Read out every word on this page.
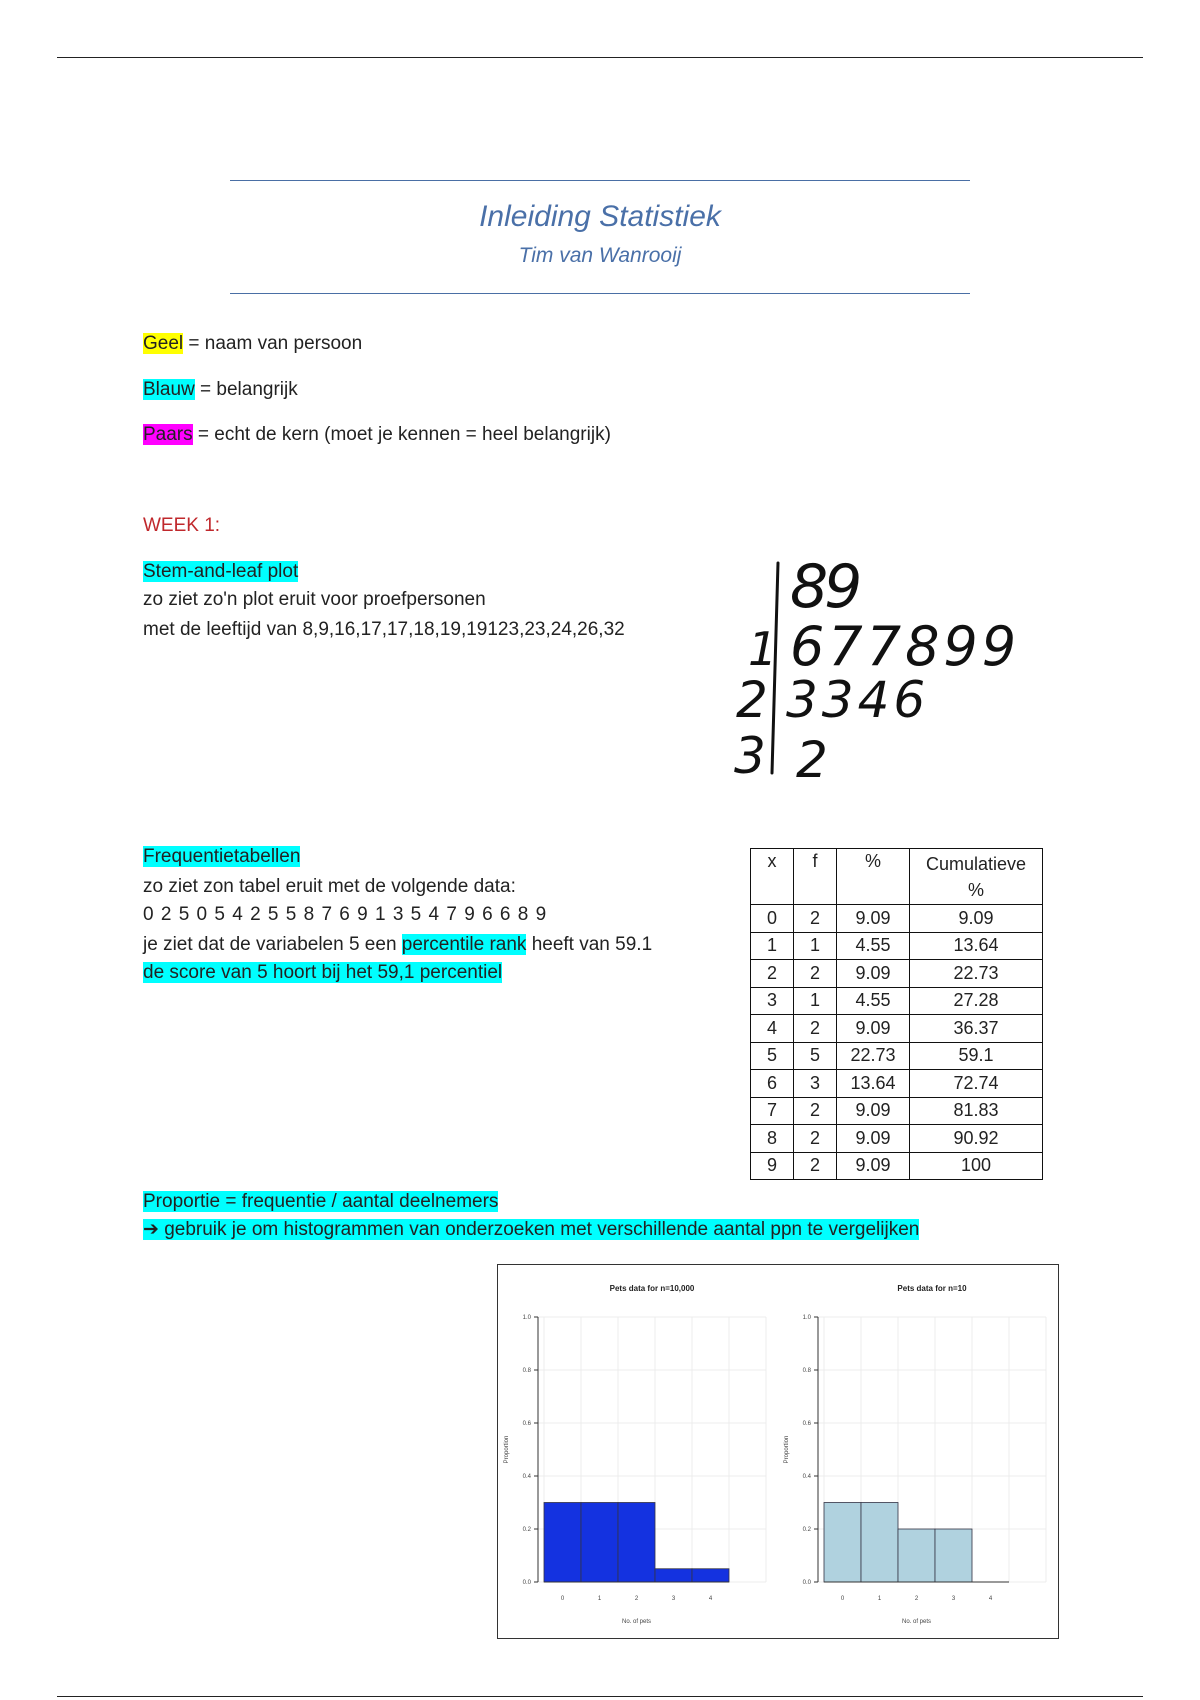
Inleiding Statistiek
Tim van Wanrooij
Geel = naam van persoon
Blauw = belangrijk
Paars = echt de kern (moet je kennen = heel belangrijk)
WEEK 1:
Stem-and-leaf plot
zo ziet zo'n plot eruit voor proefpersonen
met de leeftijd van 8,9,16,17,17,18,19,19123,23,24,26,32
89
1 677899
2 3346
3 2
Frequentietabellen
zo ziet zon tabel eruit met de volgende data:
0 2 5 0 5 4 2 5 5 8 7 6 9 1 3 5 4 7 9 6 6 8 9
je ziet dat de variabelen 5 een percentile rank heeft van 59.1
de score van 5 hoort bij het 59,1 percentiel
x	f	%	Cumulatieve
%
0	2	9.09	9.09
1	1	4.55	13.64
2	2	9.09	22.73
3	1	4.55	27.28
4	2	9.09	36.37
5	5	22.73	59.1
6	3	13.64	72.74
7	2	9.09	81.83
8	2	9.09	90.92
9	2	9.09	100
Proportie = frequentie / aantal deelnemers
➔ gebruik je om histogrammen van onderzoeken met verschillende aantal ppn te vergelijken
Pets data for n=10,000
0.0
0.2
0.4
0.6
0.8
1.0
Proportion
0	1	2	3	4
No. of pets
Pets data for n=10
0.0
0.2
0.4
0.6
0.8
1.0
Proportion
0	1	2	3	4
No. of pets
